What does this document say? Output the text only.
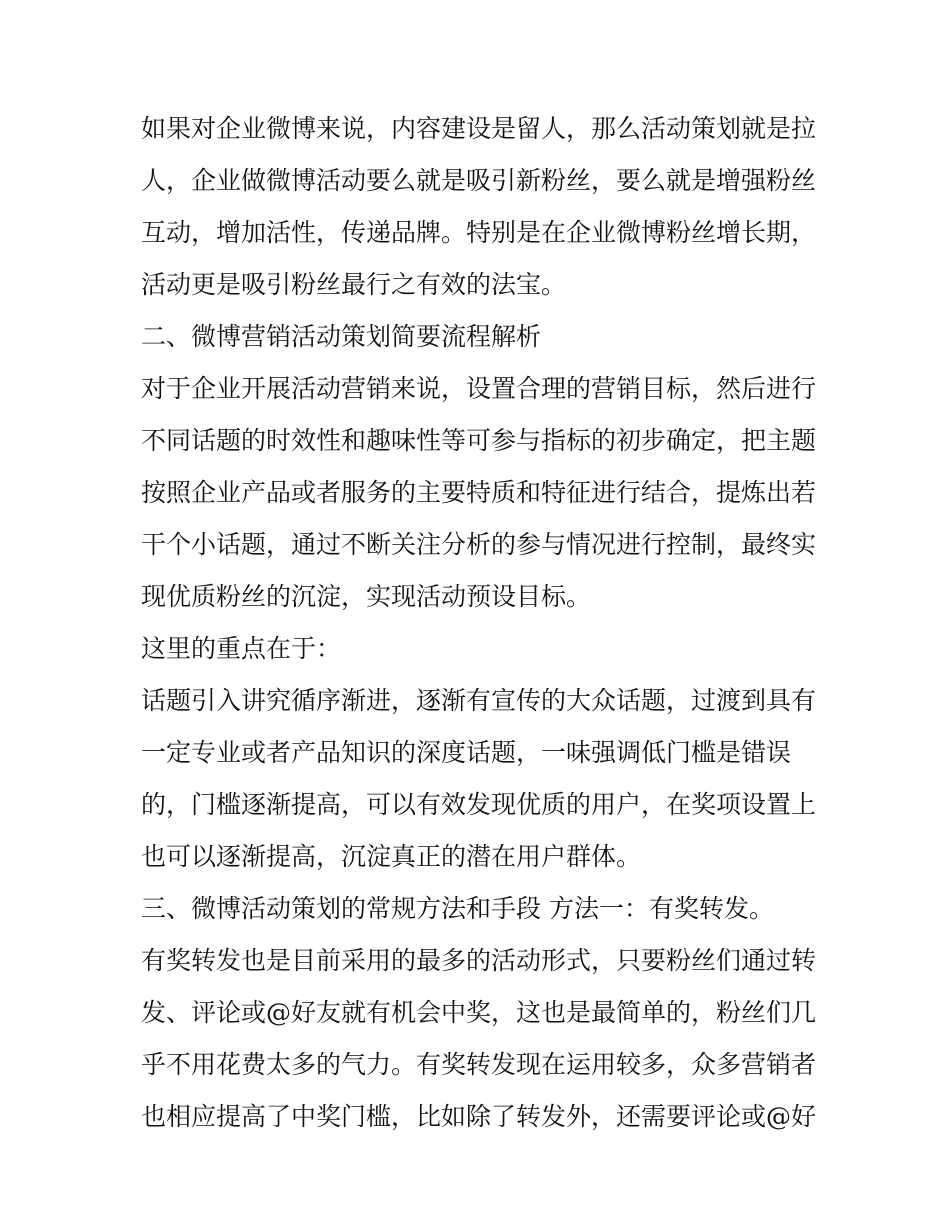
如果对企业微博来说，内容建设是留人，那么活动策划就是拉
人，企业做微博活动要么就是吸引新粉丝，要么就是增强粉丝
互动，增加活性，传递品牌。特别是在企业微博粉丝增长期，
活动更是吸引粉丝最行之有效的法宝。
二、微博营销活动策划简要流程解析
对于企业开展活动营销来说，设置合理的营销目标，然后进行
不同话题的时效性和趣味性等可参与指标的初步确定，把主题
按照企业产品或者服务的主要特质和特征进行结合，提炼出若
干个小话题，通过不断关注分析的参与情况进行控制，最终实
现优质粉丝的沉淀，实现活动预设目标。
这里的重点在于：
话题引入讲究循序渐进，逐渐有宣传的大众话题，过渡到具有
一定专业或者产品知识的深度话题，一味强调低门槛是错误
的，门槛逐渐提高，可以有效发现优质的用户，在奖项设置上
也可以逐渐提高，沉淀真正的潜在用户群体。
三、微博活动策划的常规方法和手段 方法一：有奖转发。
有奖转发也是目前采用的最多的活动形式，只要粉丝们通过转
发、评论或@好友就有机会中奖，这也是最简单的，粉丝们几
乎不用花费太多的气力。有奖转发现在运用较多，众多营销者
也相应提高了中奖门槛，比如除了转发外，还需要评论或@好
